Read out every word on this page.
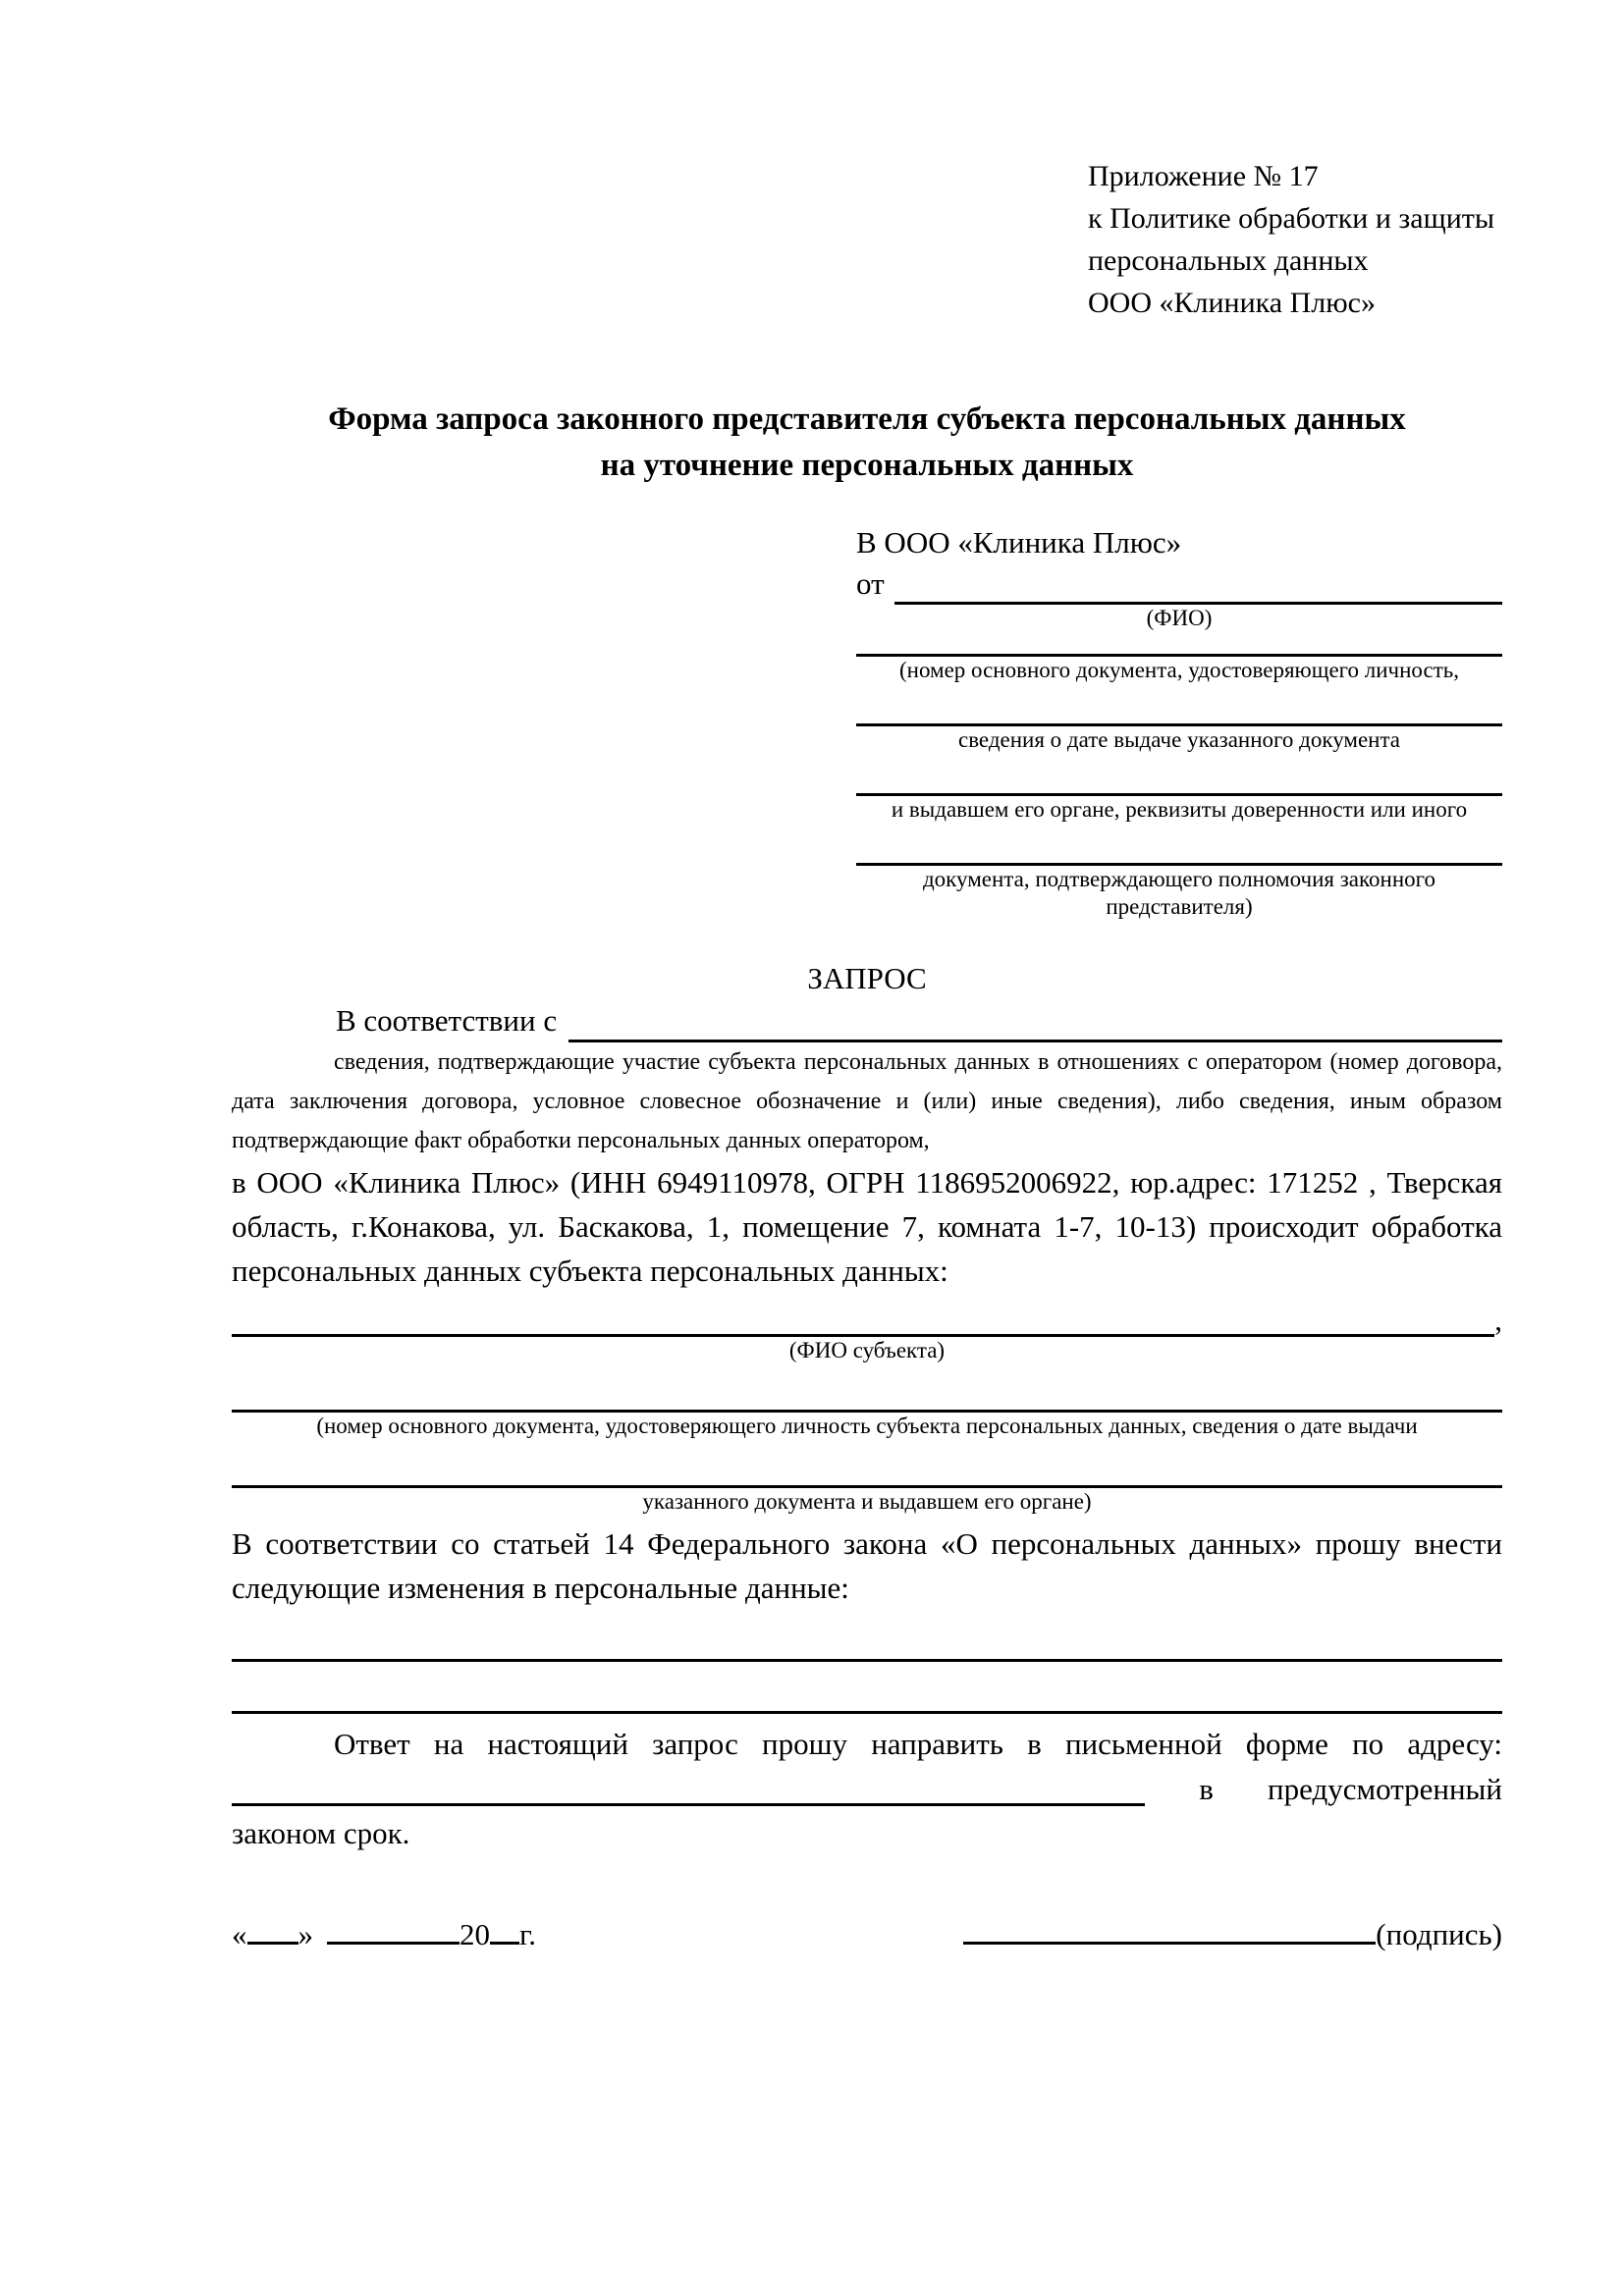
Приложение № 17
к Политике обработки и защиты
персональных данных
ООО «Клиника Плюс»
Форма запроса законного представителя субъекта персональных данных
на уточнение персональных данных
В ООО «Клиника Плюс»
от
(ФИО)
(номер основного документа, удостоверяющего личность,
сведения о дате выдаче указанного документа
и выдавшем его органе, реквизиты доверенности или иного
документа, подтверждающего полномочия законного представителя)
ЗАПРОС
В соответствии с

сведения, подтверждающие участие субъекта персональных данных в отношениях с оператором (номер договора, дата заключения договора, условное словесное обозначение и (или) иные сведения), либо сведения, иным образом подтверждающие факт обработки персональных данных оператором,

в ООО «Клиника Плюс» (ИНН 6949110978, ОГРН 1186952006922, юр.адрес: 171252 , Тверская область, г.Конакова, ул. Баскакова, 1, помещение 7, комната 1-7, 10-13) происходит обработка персональных данных субъекта персональных данных:

,
(ФИО субъекта)
(номер основного документа, удостоверяющего личность субъекта персональных данных, сведения о дате выдачи
указанного документа и выдавшем его органе)

В соответствии со статьей 14 Федерального закона «О персональных данных» прошу внести следующие изменения в персональные данные:

Ответ на настоящий запрос прошу направить в письменной форме по адресу:
в предусмотренный
законом срок.
« »	20 г.	(подпись)
